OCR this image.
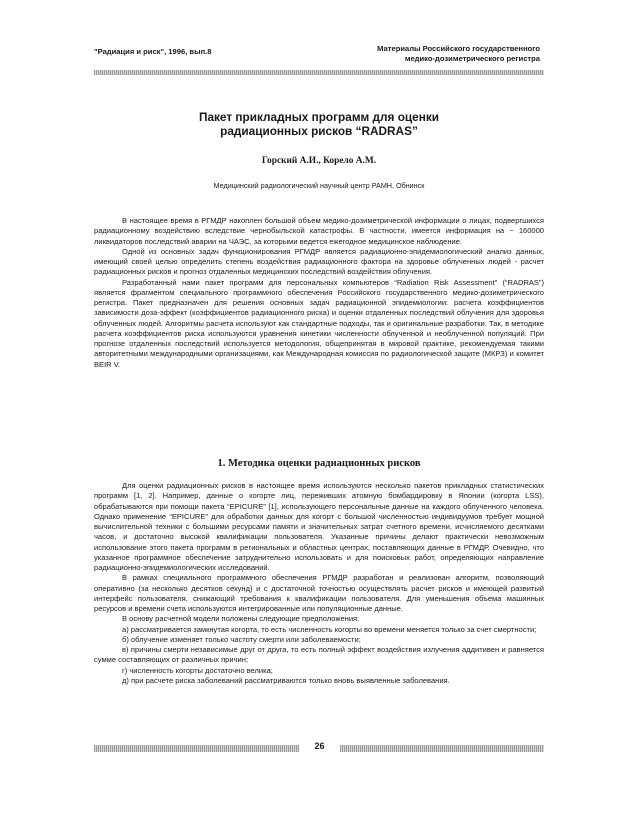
"Радиация и риск", 1996, вып.8	Материалы Российского государственного
медико-дозиметрического регистра
Пакет прикладных программ для оценки
радиационных рисков “RADRAS”
Горский А.И., Корело А.М.
Медицинский радиологический научный центр РАМН, Обнинск

В настоящее время в РГМДР накоплен большой объем медико-дозиметрической информации о лицах, подвергшихся радиационному воздействию вследствие чернобыльской катастрофы. В частности, имеется информация на ~ 160000 ликвидаторов последствий аварии на ЧАЭС, за которыми ведется ежегодное медицинское наблюдение.

Одной из основных задач функционирования РГМДР является радиационно-эпидемиологический анализ данных, имеющий своей целью определить степень воздействия радиационного фактора на здоровье облученных людей - расчет радиационных рисков и прогноз отдаленных медицинских последствий воздействия облучения.

Разработанный нами пакет программ для персональных компьютеров “Radiation Risk Assessment” (“RADRAS”) является фрагментом специального программного обеспечения Российского государственного медико-дозиметрического регистра. Пакет предназначен для решения основных задач радиационной эпидемиологии: расчета коэффициентов зависимости доза-эффект (коэффициентов радиационного риска) и оценки отдаленных последствий облучения для здоровья облученных людей. Алгоритмы расчета используют как стандартные подходы, так и оригинальные разработки. Так, в методике расчета коэффициентов риска используются уравнения кинетики численности облученной и необлученной популяций. При прогнозе отдаленных последствий используется методология, общепринятая в мировой практике, рекомендуемая такими авторитетными международными организациями, как Международная комиссия по радиологической защите (МКРЗ) и комитет BEIR V.

1. Методика оценки радиационных рисков

Для оценки радиационных рисков в настоящее время используются несколько пакетов прикладных статистических программ [1, 2]. Например, данные о когорте лиц, переживших атомную бомбардировку в Японии (когорта LSS), обрабатываются при помощи пакета “EPICURE” [1], использующего персональные данные на каждого облученного человека. Однако применение “EPICURE” для обработки данных для когорт с большой численностью индивидуумов требует мощной вычислительной техники с большими ресурсами памяти и значительных затрат счетного времени, исчисляемого десятками часов, и достаточно высокой квалификации пользователя. Указанные причины делают практически невозможным использование этого пакета программ в региональных и областных центрах, поставляющих данные в РГМДР. Очевидно, что указанное программное обеспечение затруднительно использовать и для поисковых работ, определяющих направление радиационно-эпидемиологических исследований.

В рамках специального программного обеспечения РГМДР разработан и реализован алгоритм, позволяющий оперативно (за несколько десятков секунд) и с достаточной точностью осуществлять расчет рисков и имеющей развитый интерфейс пользователя, снижающий требования к квалификации пользователя. Для уменьшения объема машинных ресурсов и времени счета используются интегрированные или популяционные данные.

В основу расчетной модели положены следующие предположения:

а) рассматривается замкнутая когорта, то есть численность когорты во времени меняется только за счет смертности;

б) облучение изменяет только частоту смерти или заболеваемости;

в) причины смерти независимые друг от друга, то есть полный эффект воздействия излучения аддитивен и равняется сумме составляющих от различных причин;

г) численность когорты достаточно велика;

д) при расчете риска заболеваний рассматриваются только вновь выявленные заболевания.

26
